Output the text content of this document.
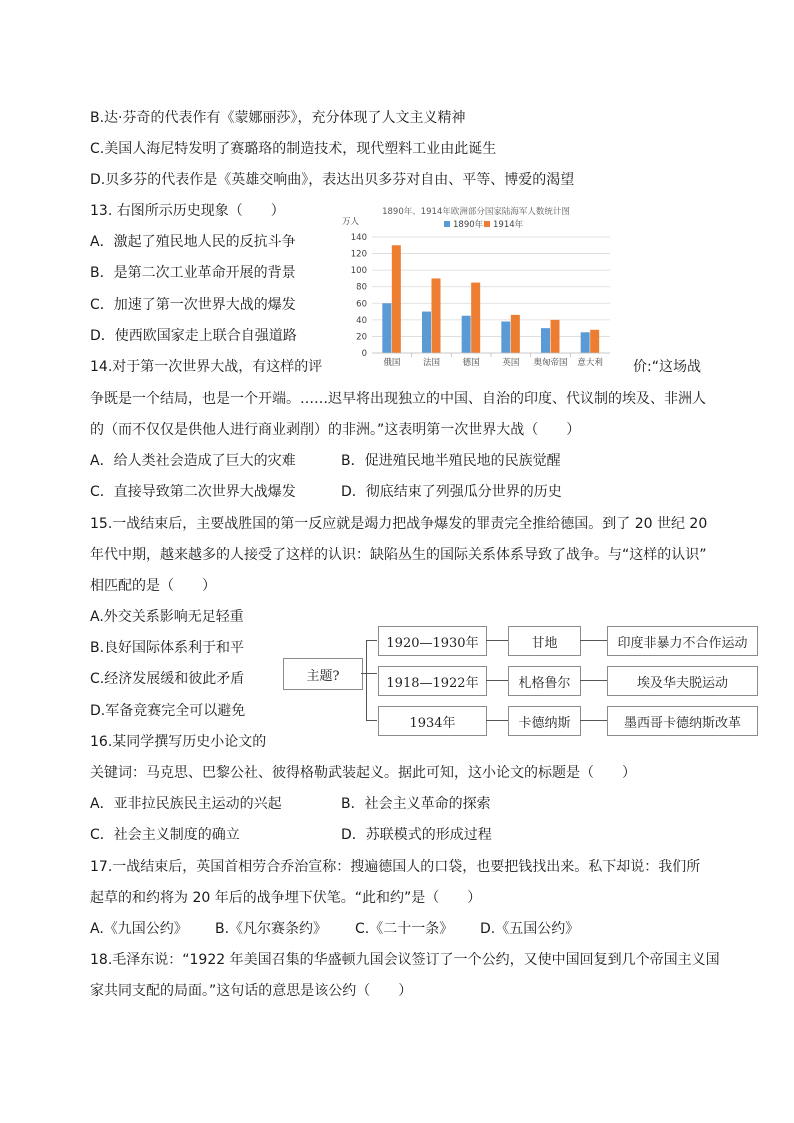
B.达·芬奇的代表作有《蒙娜丽莎》，充分体现了人文主义精神
C.美国人海尼特发明了赛璐珞的制造技术，现代塑料工业由此诞生
D.贝多芬的代表作是《英雄交响曲》，表达出贝多芬对自由、平等、博爱的渴望
13. 右图所示历史现象（　　）
A．激起了殖民地人民的反抗斗争
B．是第二次工业革命开展的背景
C．加速了第一次世界大战的爆发
D．使西欧国家走上联合自强道路
14.对于第一次世界大战，有这样的评	价:“这场战
争既是一个结局，也是一个开端。……迟早将出现独立的中国、自治的印度、代议制的埃及、非洲人
的（而不仅仅是供他人进行商业剥削）的非洲。”这表明第一次世界大战（　　）
A．给人类社会造成了巨大的灾难	B．促进殖民地半殖民地的民族觉醒
C．直接导致第二次世界大战爆发	D．彻底结束了列强瓜分世界的历史
15.一战结束后，主要战胜国的第一反应就是竭力把战争爆发的罪责完全推给德国。到了 20 世纪 20
年代中期，越来越多的人接受了这样的认识：缺陷丛生的国际关系体系导致了战争。与“这样的认识”
相匹配的是（　　）
A.外交关系影响无足轻重
B.良好国际体系利于和平
C.经济发展缓和彼此矛盾
D.军备竞赛完全可以避免
16.某同学撰写历史小论文的
关键词：马克思、巴黎公社、彼得格勒武装起义。据此可知，这小论文的标题是（　　）
A．亚非拉民族民主运动的兴起	B．社会主义革命的探索
C．社会主义制度的确立	D．苏联模式的形成过程
17.一战结束后，英国首相劳合乔治宣称：搜遍德国人的口袋，也要把钱找出来。私下却说：我们所
起草的和约将为 20 年后的战争埋下伏笔。“此和约”是（　　）
A.《九国公约》 B.《凡尔赛条约》 C.《二十一条》 D.《五国公约》
18.毛泽东说：“1922 年美国召集的华盛顿九国会议签订了一个公约，又使中国回复到几个帝国主义国
家共同支配的局面。”这句话的意思是该公约（　　）
1890年、1914年欧洲部分国家陆海军人数统计图
万人	1890年 1914年
0
20
40
60
80
100
120
140
俄国	法国	德国	英国 奥匈帝国 意大利
主题?
1920—1930年	甘地	印度非暴力不合作运动
1918—1922年	札格鲁尔	埃及华夫脱运动
1934年	卡德纳斯	墨西哥卡德纳斯改革
